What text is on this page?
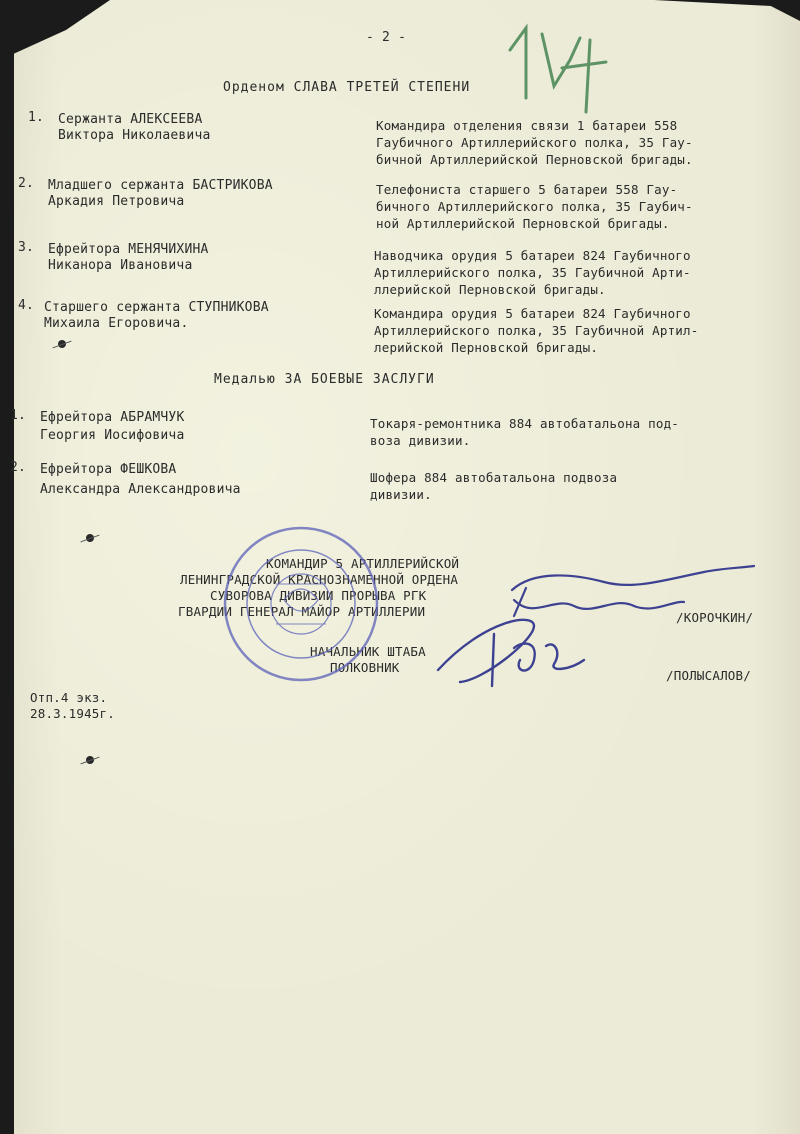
- 2 -
Орденом СЛАВА ТРЕТЕЙ СТЕПЕНИ
1. Сержанта АЛЕКСЕЕВА
Виктора Николаевича
Командира отделения связи 1 батареи 558
Гаубичного Артиллерийского полка, 35 Гау-
бичной Артиллерийской Перновской бригады.
2. Младшего сержанта БАСТРИКОВА
Аркадия Петровича
Телефониста старшего 5 батареи 558 Гау-
бичного Артиллерийского полка, 35 Гаубич-
ной Артиллерийской Перновской бригады.
3. Ефрейтора МЕНЯЧИХИНА
Никанора Ивановича
Наводчика орудия 5 батареи 824 Гаубичного
Артиллерийского полка, 35 Гаубичной Арти-
ллерийской Перновской бригады.
4. Старшего сержанта СТУПНИКОВА
Михаила Егоровича.
Командира орудия 5 батареи 824 Гаубичного
Артиллерийского полка, 35 Гаубичной Артил-
лерийской Перновской бригады.
Медалью ЗА БОЕВЫЕ ЗАСЛУГИ
1. Ефрейтора АБРАМЧУК
Георгия Иосифовича
Токаря-ремонтника 884 автобатальона под-
воза дивизии.
2. Ефрейтора ФЕШКОВА
Александра Александровича
Шофера 884 автобатальона подвоза
дивизии.
КОМАНДИР 5 АРТИЛЛЕРИЙСКОЙ
ЛЕНИНГРАДСКОЙ КРАСНОЗНАМЕННОЙ ОРДЕНА
СУВОРОВА ДИВИЗИИ ПРОРЫВА РГК
ГВАРДИИ ГЕНЕРАЛ МАЙОР АРТИЛЛЕРИИ	/КОРОЧКИН/
НАЧАЛЬНИК ШТАБА
ПОЛКОВНИК
/ПОЛЫСАЛОВ/
Отп.4 экз.
28.3.1945г.
